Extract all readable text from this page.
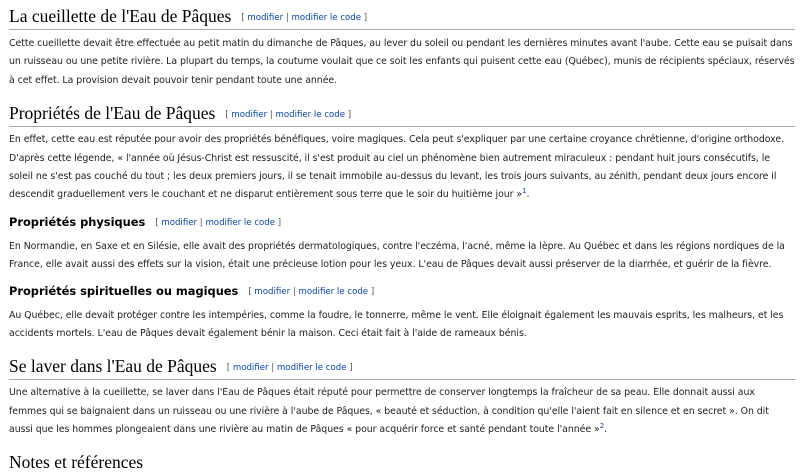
La cueillette de l'Eau de Pâques [ modifier | modifier le code ]

Cette cueillette devait être effectuée au petit matin du dimanche de Pâques, au lever du soleil ou pendant les dernières minutes avant l'aube. Cette eau se puisait dans un ruisseau ou une petite rivière. La plupart du temps, la coutume voulait que ce soit les enfants qui puisent cette eau (Québec), munis de récipients spéciaux, réservés à cet effet. La provision devait pouvoir tenir pendant toute une année.

Propriétés de l'Eau de Pâques [ modifier | modifier le code ]

En effet, cette eau est réputée pour avoir des propriétés bénéfiques, voire magiques. Cela peut s'expliquer par une certaine croyance chrétienne, d'origine orthodoxe. D'après cette légende, « l'année où Jésus-Christ est ressuscité, il s'est produit au ciel un phénomène bien autrement miraculeux : pendant huit jours consécutifs, le soleil ne s'est pas couché du tout ; les deux premiers jours, il se tenait immobile au-dessus du levant, les trois jours suivants, au zénith, pendant deux jours encore il descendit graduellement vers le couchant et ne disparut entièrement sous terre que le soir du huitième jour »$^1$.

Propriétés physiques [ modifier | modifier le code ]

En Normandie, en Saxe et en Silésie, elle avait des propriétés dermatologiques, contre l'eczéma, l'acné, même la lèpre. Au Québec et dans les régions nordiques de la France, elle avait aussi des effets sur la vision, était une précieuse lotion pour les yeux. L'eau de Pâques devait aussi préserver de la diarrhée, et guérir de la fièvre.

Propriétés spirituelles ou magiques [ modifier | modifier le code ]

Au Québec, elle devait protéger contre les intempéries, comme la foudre, le tonnerre, même le vent. Elle éloignait également les mauvais esprits, les malheurs, et les accidents mortels. L'eau de Pâques devait également bénir la maison. Ceci était fait à l'aide de rameaux bénis.

Se laver dans l'Eau de Pâques [ modifier | modifier le code ]

Une alternative à la cueillette, se laver dans l'Eau de Pâques était réputé pour permettre de conserver longtemps la fraîcheur de sa peau. Elle donnait aussi aux femmes qui se baignaient dans un ruisseau ou une rivière à l'aube de Pâques, « beauté et séduction, à condition qu'elle l'aient fait en silence et en secret ». On dit aussi que les hommes plongeaient dans une rivière au matin de Pâques « pour acquérir force et santé pendant toute l'année »$^2$.

Notes et références
